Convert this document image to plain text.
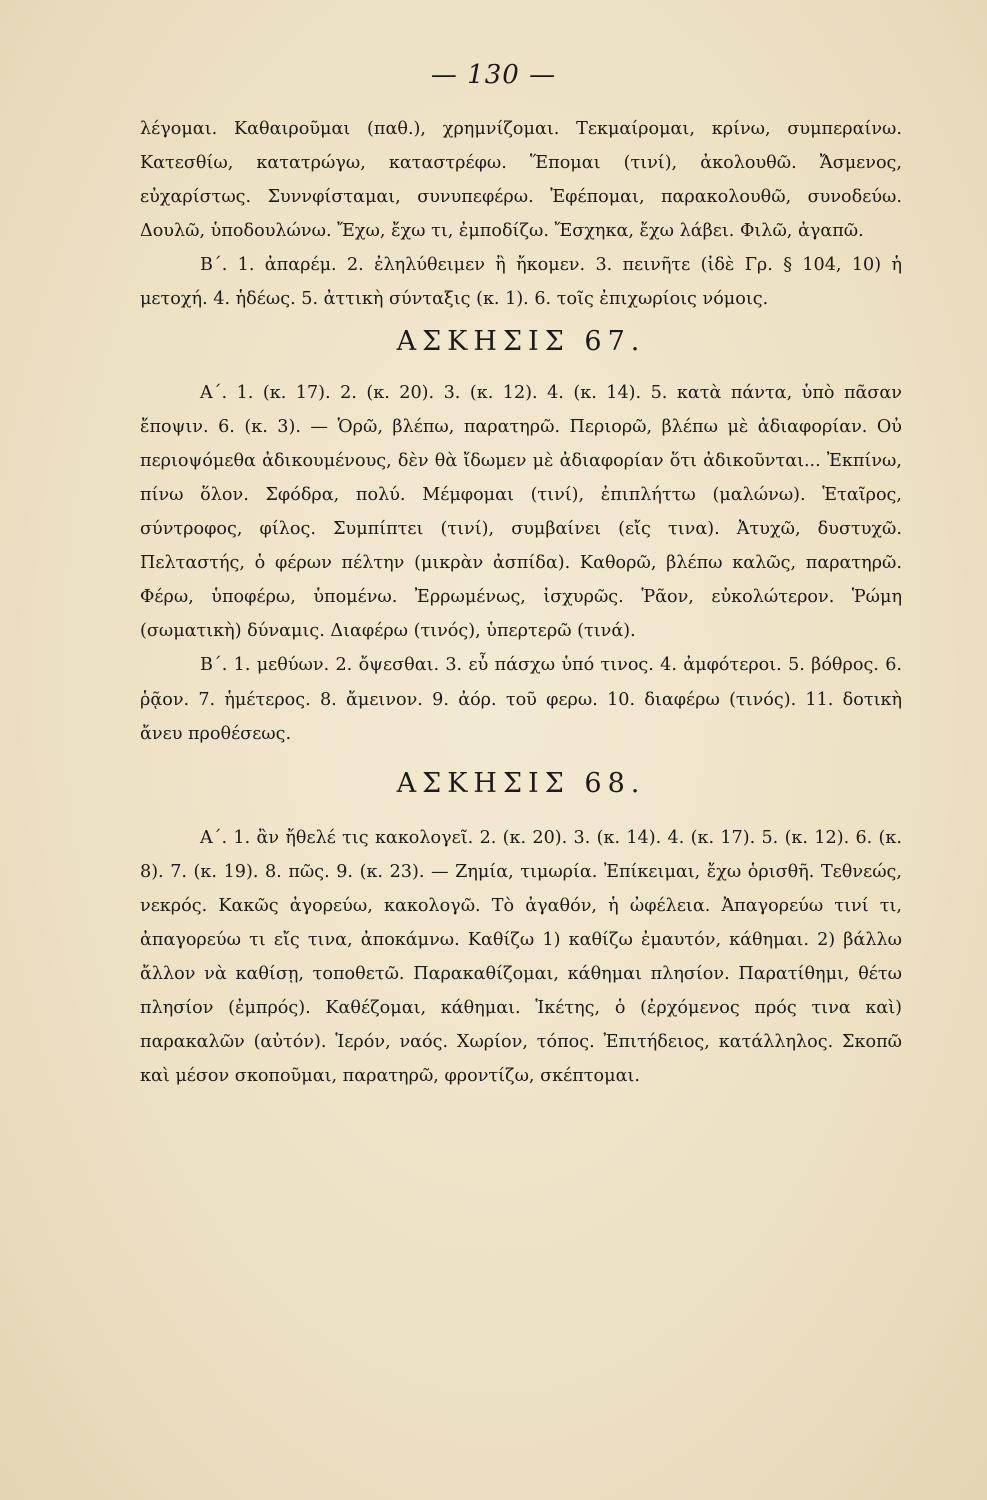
— 130 —

λέγομαι. Καθαιροῦμαι (παθ.), χρημνίζομαι. Τεκμαίρομαι, κρίνω, συμπεραίνω. Κατεσθίω, κατατρώγω, καταστρέφω. Ἕπομαι (τινί), ἀκολουθῶ. Ἄσμενος, εὐχαρίστως. Συννφίσταμαι, συνυπεφέρω. Ἐφέπομαι, παρακολουθῶ, συνοδεύω. Δουλῶ, ὑποδουλώνω. Ἔχω, ἔχω τι, ἐμποδίζω. Ἔσχηκα, ἔχω λάβει. Φιλῶ, ἀγαπῶ.

Β΄. 1. ἀπαρέμ. 2. ἐληλύθειμεν ἢ ἤκομεν. 3. πεινῆτε (ἰδὲ Γρ. § 104, 10) ἡ μετοχή. 4. ἡδέως. 5. ἀττικὴ σύνταξις (κ. 1). 6. τοῖς ἐπιχωρίοις νόμοις.

ΑΣΚΗΣΙΣ 67.

Α΄. 1. (κ. 17). 2. (κ. 20). 3. (κ. 12). 4. (κ. 14). 5. κατὰ πάντα, ὑπὸ πᾶσαν ἔποψιν. 6. (κ. 3). — Ὁρῶ, βλέπω, παρατηρῶ. Περιορῶ, βλέπω μὲ ἀδιαφορίαν. Οὐ περιοψόμεθα ἀδικουμένους, δὲν θὰ ἴδωμεν μὲ ἀδιαφορίαν ὅτι ἀδικοῦνται... Ἐκπίνω, πίνω ὅλον. Σφόδρα, πολύ. Μέμφομαι (τινί), ἐπιπλήττω (μαλώνω). Ἑταῖρος, σύντροφος, φίλος. Συμπίπτει (τινί), συμβαίνει (εἴς τινα). Ἀτυχῶ, δυστυχῶ. Πελταστής, ὁ φέρων πέλτην (μικρὰν ἀσπίδα). Καθορῶ, βλέπω καλῶς, παρατηρῶ. Φέρω, ὑποφέρω, ὑπομένω. Ἐρρωμένως, ἰσχυρῶς. Ῥᾶον, εὐκολώτερον. Ῥώμη (σωματικὴ) δύναμις. Διαφέρω (τινός), ὑπερτερῶ (τινά).

Β΄. 1. μεθύων. 2. ὄψεσθαι. 3. εὖ πάσχω ὑπό τινος. 4. ἀμφότεροι. 5. βόθρος. 6. ῥᾷον. 7. ἡμέτερος. 8. ἄμεινον. 9. ἀόρ. τοῦ φερω. 10. διαφέρω (τινός). 11. δοτικὴ ἄνευ προθέσεως.

ΑΣΚΗΣΙΣ 68.

Α΄. 1. ἂν ἤθελέ τις κακολογεῖ. 2. (κ. 20). 3. (κ. 14). 4. (κ. 17). 5. (κ. 12). 6. (κ. 8). 7. (κ. 19). 8. πῶς. 9. (κ. 23). — Ζημία, τιμωρία. Ἐπίκειμαι, ἔχω ὁρισθῆ. Τεθνεώς, νεκρός. Κακῶς ἀγορεύω, κακολογῶ. Τὸ ἀγαθόν, ἡ ὠφέλεια. Ἀπαγορεύω τινί τι, ἀπαγορεύω τι εἴς τινα, ἀποκάμνω. Καθίζω 1) καθίζω ἐμαυτόν, κάθημαι. 2) βάλλω ἄλλον νὰ καθίσῃ, τοποθετῶ. Παρακαθίζομαι, κάθημαι πλησίον. Παρατίθημι, θέτω πλησίον (ἐμπρός). Καθέζομαι, κάθημαι. Ἱκέτης, ὁ (ἐρχόμενος πρός τινα καὶ) παρακαλῶν (αὐτόν). Ἱερόν, ναός. Χωρίον, τόπος. Ἐπιτήδειος, κατάλληλος. Σκοπῶ καὶ μέσον σκοποῦμαι, παρατηρῶ, φροντίζω, σκέπτομαι.
